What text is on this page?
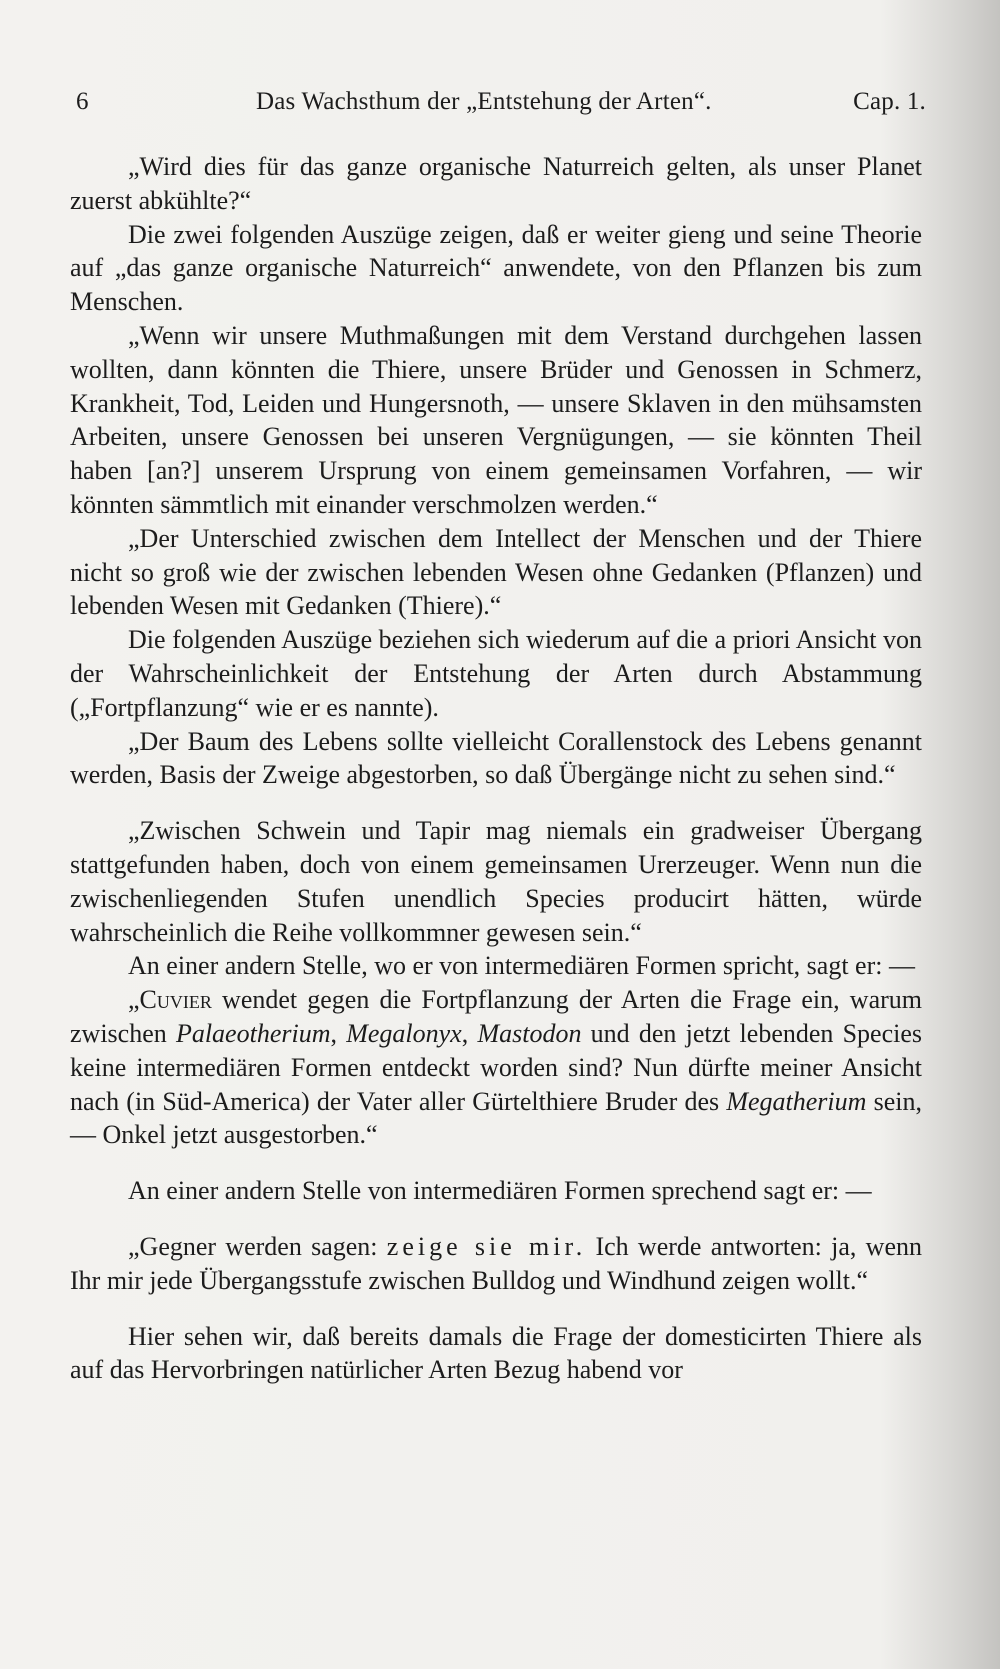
6	Das Wachsthum der „Entstehung der Arten“.	Cap. 1.

„Wird dies für das ganze organische Naturreich gelten, als unser Planet zuerst abkühlte?“

Die zwei folgenden Auszüge zeigen, daß er weiter gieng und seine Theorie auf „das ganze organische Naturreich“ anwendete, von den Pflanzen bis zum Menschen.

„Wenn wir unsere Muthmaßungen mit dem Verstand durchgehen lassen wollten, dann könnten die Thiere, unsere Brüder und Genossen in Schmerz, Krankheit, Tod, Leiden und Hungersnoth, — unsere Sklaven in den mühsamsten Arbeiten, unsere Genossen bei unseren Vergnügungen, — sie könnten Theil haben [an?] unserem Ursprung von einem gemeinsamen Vorfahren, — wir könnten sämmtlich mit einander verschmolzen werden.“

„Der Unterschied zwischen dem Intellect der Menschen und der Thiere nicht so groß wie der zwischen lebenden Wesen ohne Gedanken (Pflanzen) und lebenden Wesen mit Gedanken (Thiere).“

Die folgenden Auszüge beziehen sich wiederum auf die a priori Ansicht von der Wahrscheinlichkeit der Entstehung der Arten durch Abstammung („Fortpflanzung“ wie er es nannte).

„Der Baum des Lebens sollte vielleicht Corallenstock des Lebens genannt werden, Basis der Zweige abgestorben, so daß Übergänge nicht zu sehen sind.“

„Zwischen Schwein und Tapir mag niemals ein gradweiser Übergang stattgefunden haben, doch von einem gemeinsamen Urerzeuger. Wenn nun die zwischenliegenden Stufen unendlich Species producirt hätten, würde wahrscheinlich die Reihe vollkommner gewesen sein.“

An einer andern Stelle, wo er von intermediären Formen spricht, sagt er: —

„Cuvier wendet gegen die Fortpflanzung der Arten die Frage ein, warum zwischen Palaeotherium, Megalonyx, Mastodon und den jetzt lebenden Species keine intermediären Formen entdeckt worden sind? Nun dürfte meiner Ansicht nach (in Süd-America) der Vater aller Gürtelthiere Bruder des Megatherium sein, — Onkel jetzt ausgestorben.“

An einer andern Stelle von intermediären Formen sprechend sagt er: —

„Gegner werden sagen: zeige sie mir. Ich werde antworten: ja, wenn Ihr mir jede Übergangsstufe zwischen Bulldog und Windhund zeigen wollt.“

Hier sehen wir, daß bereits damals die Frage der domesticirten Thiere als auf das Hervorbringen natürlicher Arten Bezug habend vor
